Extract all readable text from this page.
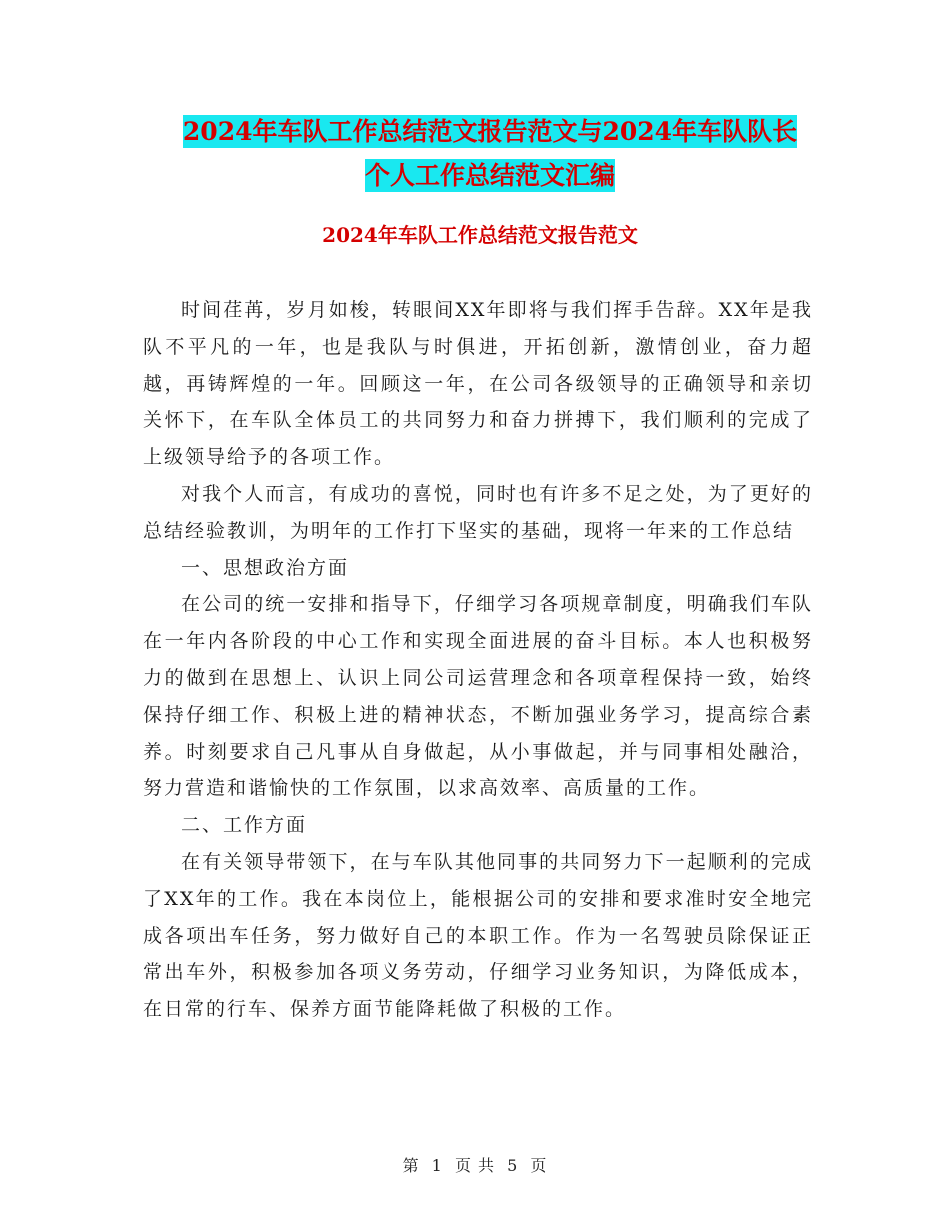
2024年车队工作总结范文报告范文与2024年车队队长
个人工作总结范文汇编
2024年车队工作总结范文报告范文

时间荏苒，岁月如梭，转眼间XX年即将与我们挥手告辞。XX年是我队不平凡的一年，也是我队与时俱进，开拓创新，激情创业，奋力超越，再铸辉煌的一年。回顾这一年，在公司各级领导的正确领导和亲切关怀下，在车队全体员工的共同努力和奋力拼搏下，我们顺利的完成了上级领导给予的各项工作。

对我个人而言，有成功的喜悦，同时也有许多不足之处，为了更好的总结经验教训，为明年的工作打下坚实的基础，现将一年来的工作总结

一、思想政治方面

在公司的统一安排和指导下，仔细学习各项规章制度，明确我们车队在一年内各阶段的中心工作和实现全面进展的奋斗目标。本人也积极努力的做到在思想上、认识上同公司运营理念和各项章程保持一致，始终保持仔细工作、积极上进的精神状态，不断加强业务学习，提高综合素养。时刻要求自己凡事从自身做起，从小事做起，并与同事相处融洽，努力营造和谐愉快的工作氛围，以求高效率、高质量的工作。

二、工作方面

在有关领导带领下，在与车队其他同事的共同努力下一起顺利的完成了XX年的工作。我在本岗位上，能根据公司的安排和要求准时安全地完成各项出车任务，努力做好自己的本职工作。作为一名驾驶员除保证正常出车外，积极参加各项义务劳动，仔细学习业务知识，为降低成本，在日常的行车、保养方面节能降耗做了积极的工作。

第 1 页 共 5 页
